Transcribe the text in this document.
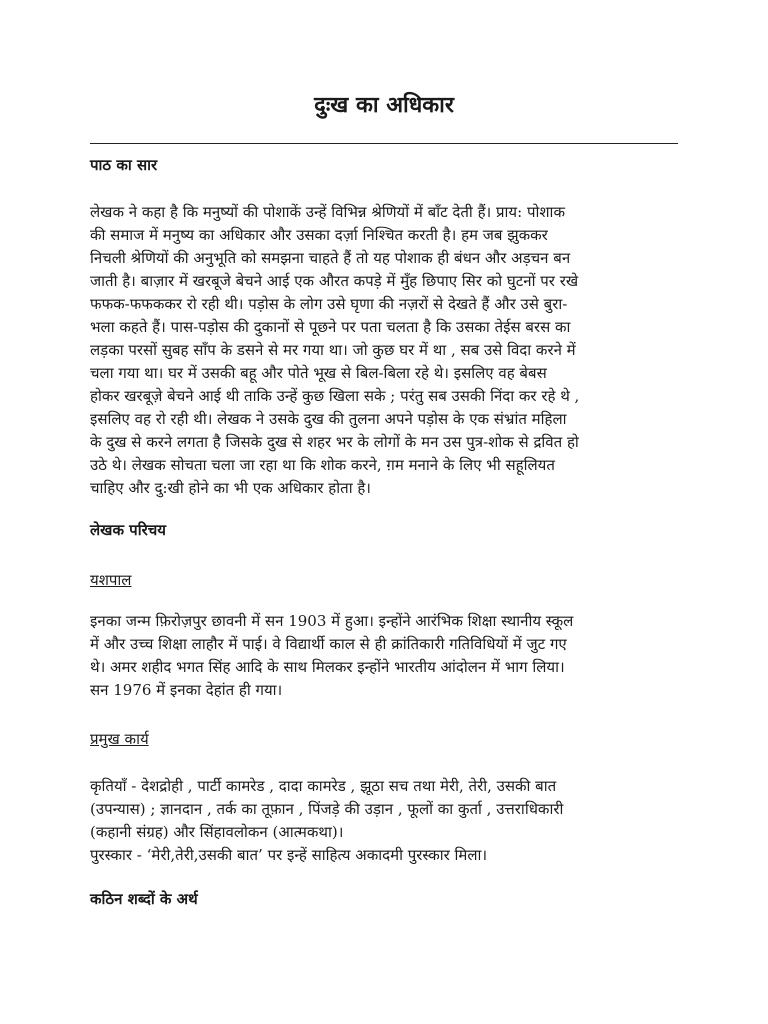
दुःख का अधिकार
पाठ का सार
लेखक ने कहा है कि मनुष्यों की पोशाकें उन्हें विभिन्न श्रेणियों में बाँट देती हैं। प्राय: पोशाक
की समाज में मनुष्य का अधिकार और उसका दर्ज़ा निश्चित करती है। हम जब झुककर
निचली श्रेणियों की अनुभूति को समझना चाहते हैं तो यह पोशाक ही बंधन और अड़चन बन
जाती है। बाज़ार में खरबूजे बेचने आई एक औरत कपड़े में मुँह छिपाए सिर को घुटनों पर रखे
फफक-फफककर रो रही थी। पड़ोस के लोग उसे घृणा की नज़रों से देखते हैं और उसे बुरा-
भला कहते हैं। पास-पड़ोस की दुकानों से पूछने पर पता चलता है कि उसका तेईस बरस का
लड़का परसों सुबह साँप के डसने से मर गया था। जो कुछ घर में था , सब उसे विदा करने में
चला गया था। घर में उसकी बहू और पोते भूख से बिल-बिला रहे थे। इसलिए वह बेबस
होकर खरबूज़े बेचने आई थी ताकि उन्हें कुछ खिला सके ; परंतु सब उसकी निंदा कर रहे थे ,
इसलिए वह रो रही थी। लेखक ने उसके दुख की तुलना अपने पड़ोस के एक संभ्रांत महिला
के दुख से करने लगता है जिसके दुख से शहर भर के लोगों के मन उस पुत्र-शोक से द्रवित हो
उठे थे। लेखक सोचता चला जा रहा था कि शोक करने, ग़म मनाने के लिए भी सहूलियत
चाहिए और दु:खी होने का भी एक अधिकार होता है।
लेखक परिचय
यशपाल
इनका जन्म फ़िरोज़पुर छावनी में सन 1903 में हुआ। इन्होंने आरंभिक शिक्षा स्थानीय स्कूल
में और उच्च शिक्षा लाहौर में पाई। वे विद्यार्थी काल से ही क्रांतिकारी गतिविधियों में जुट गए
थे। अमर शहीद भगत सिंह आदि के साथ मिलकर इन्होंने भारतीय आंदोलन में भाग लिया।
सन 1976 में इनका देहांत ही गया।
प्रमुख कार्य
कृतियाँ - देशद्रोही , पार्टी कामरेड , दादा कामरेड , झूठा सच तथा मेरी, तेरी, उसकी बात
(उपन्यास) ; ज्ञानदान , तर्क का तूफ़ान , पिंजड़े की उड़ान , फूलों का कुर्ता , उत्तराधिकारी
(कहानी संग्रह) और सिंहावलोकन (आत्मकथा)।
पुरस्कार - ‘मेरी,तेरी,उसकी बात’ पर इन्हें साहित्य अकादमी पुरस्कार मिला।
कठिन शब्दों के अर्थ
